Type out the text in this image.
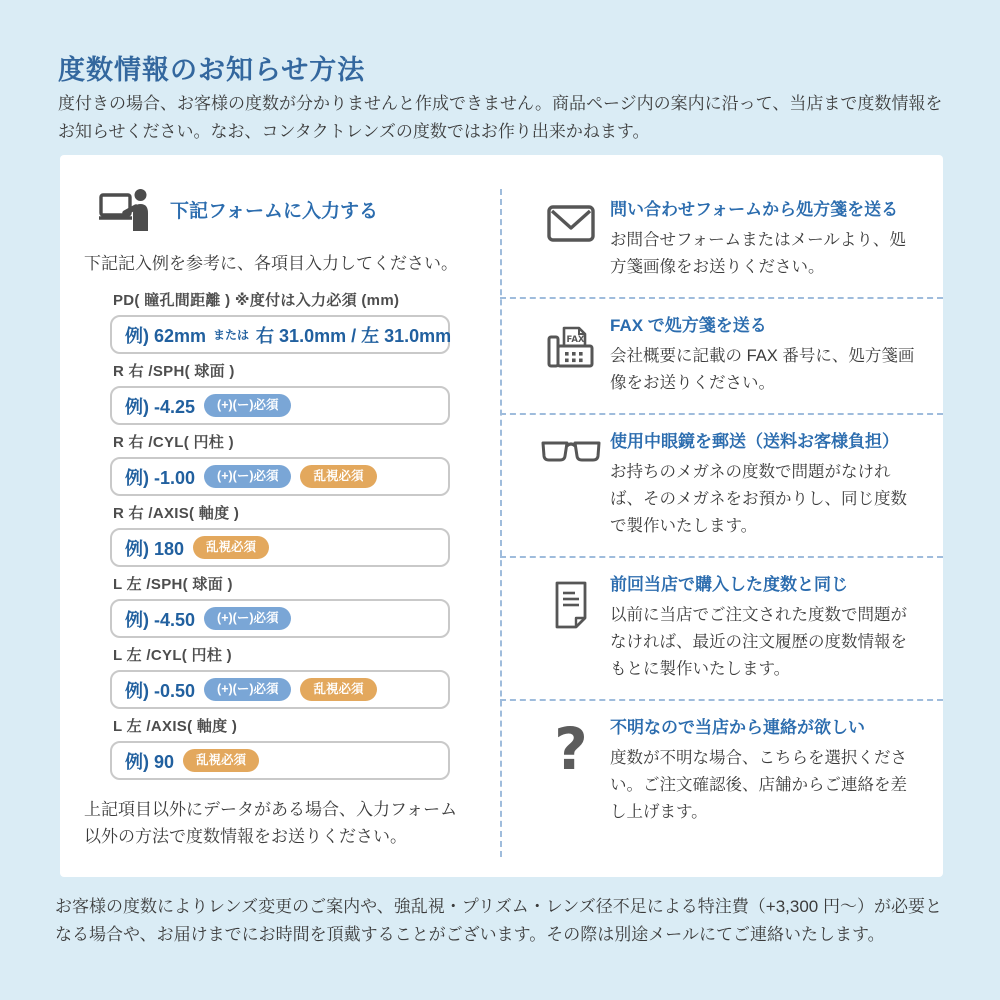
度数情報のお知らせ方法

度付きの場合、お客様の度数が分かりませんと作成できません。商品ページ内の案内に沿って、当店まで度数情報をお知らせください。なお、コンタクトレンズの度数ではお作り出来かねます。

下記フォームに入力する

下記記入例を参考に、各項目入力してください。

PD( 瞳孔間距離 ) ※度付は入力必須 (mm)
例) 62mm または 右 31.0mm / 左 31.0mm
R 右 /SPH( 球面 )
例) -4.25	(+)(ー)必須
R 右 /CYL( 円柱 )
例) -1.00	(+)(ー)必須	乱視必須
R 右 /AXIS( 軸度 )
例) 180	乱視必須
L 左 /SPH( 球面 )
例) -4.50	(+)(ー)必須
L 左 /CYL( 円柱 )
例) -0.50	(+)(ー)必須	乱視必須
L 左 /AXIS( 軸度 )
例) 90	乱視必須

上記項目以外にデータがある場合、入力フォーム以外の方法で度数情報をお送りください。

問い合わせフォームから処方箋を送る
お問合せフォームまたはメールより、処方箋画像をお送りください。
FAX
FAX で処方箋を送る
会社概要に記載の FAX 番号に、処方箋画像をお送りください。
使用中眼鏡を郵送（送料お客様負担）
お持ちのメガネの度数で問題がなければ、そのメガネをお預かりし、同じ度数で製作いたします。
前回当店で購入した度数と同じ
以前に当店でご注文された度数で問題がなければ、最近の注文履歴の度数情報をもとに製作いたします。
? 不明なので当店から連絡が欲しい
度数が不明な場合、こちらを選択ください。ご注文確認後、店舗からご連絡を差し上げます。

お客様の度数によりレンズ変更のご案内や、強乱視・プリズム・レンズ径不足による特注費（+3,300 円～）が必要となる場合や、お届けまでにお時間を頂戴することがございます。その際は別途メールにてご連絡いたします。
